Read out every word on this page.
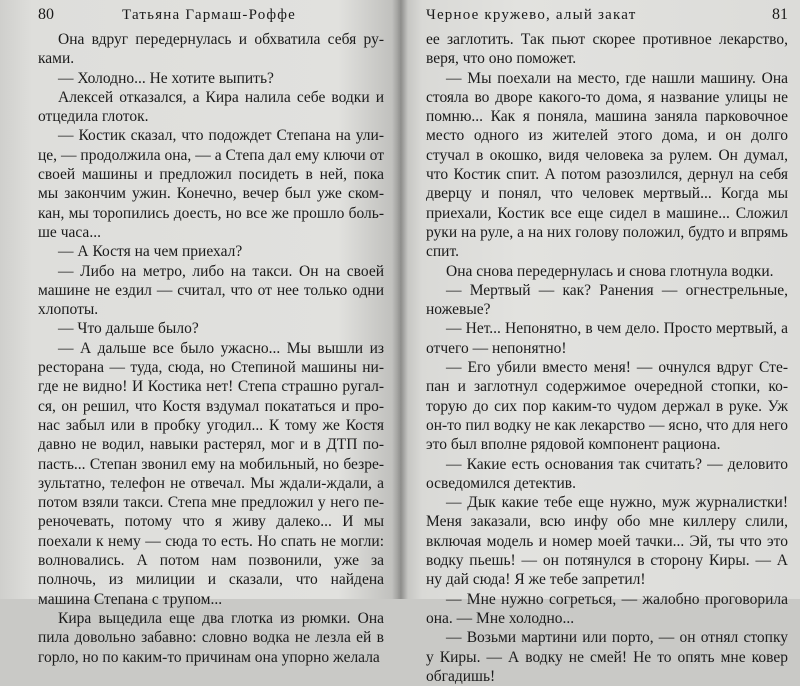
80	Татьяна Гармаш-Роффе

Она вдруг передернулась и обхватила себя руками.

— Холодно... Не хотите выпить?

Алексей отказался, а Кира налила себе водки и отцедила глоток.

— Костик сказал, что подождет Степана на улице, — продолжила она, — а Степа дал ему ключи от своей машины и предложил посидеть в ней, пока мы закончим ужин. Конечно, вечер был уже скомкан, мы торопились доесть, но все же прошло больше часа...

— А Костя на чем приехал?

— Либо на метро, либо на такси. Он на своей машине не ездил — считал, что от нее только одни хлопоты.

— Что дальше было?

— А дальше все было ужасно... Мы вышли из ресторана — туда, сюда, но Степиной машины нигде не видно! И Костика нет! Степа страшно ругался, он решил, что Костя вздумал покататься и пронас забыл или в пробку угодил... К тому же Костя давно не водил, навыки растерял, мог и в ДТП попасть... Степан звонил ему на мобильный, но безрезультатно, телефон не отвечал. Мы ждали-ждали, а потом взяли такси. Степа мне предложил у него переночевать, потому что я живу далеко... И мы поехали к нему — сюда то есть. Но спать не могли: волновались. А потом нам позвонили, уже за полночь, из милиции и сказали, что найдена машина Степана с трупом...

Кира выцедила еще два глотка из рюмки. Она пила довольно забавно: словно водка не лезла ей в горло, но по каким-то причинам она упорно желала

Черное кружево, алый закат	81

ее заглотить. Так пьют скорее противное лекарство, веря, что оно поможет.

— Мы поехали на место, где нашли машину. Она стояла во дворе какого-то дома, я название улицы не помню... Как я поняла, машина заняла парковочное место одного из жителей этого дома, и он долго стучал в окошко, видя человека за рулем. Он думал, что Костик спит. А потом разозлился, дернул на себя дверцу и понял, что человек мертвый... Когда мы приехали, Костик все еще сидел в машине... Сложил руки на руле, а на них голову положил, будто и впрямь спит.

Она снова передернулась и снова глотнула водки.

— Мертвый — как? Ранения — огнестрельные, ножевые?

— Нет... Непонятно, в чем дело. Просто мертвый, а отчего — непонятно!

— Его убили вместо меня! — очнулся вдруг Степан и заглотнул содержимое очередной стопки, которую до сих пор каким-то чудом держал в руке. Уж он-то пил водку не как лекарство — ясно, что для него это был вполне рядовой компонент рациона.

— Какие есть основания так считать? — деловито осведомился детектив.

— Дык какие тебе еще нужно, муж журналистки! Меня заказали, всю инфу обо мне киллеру слили, включая модель и номер моей тачки... Эй, ты что это водку пьешь! — он потянулся в сторону Киры. — А ну дай сюда! Я же тебе запретил!

— Мне нужно согреться, — жалобно проговорила она. — Мне холодно...

— Возьми мартини или порто, — он отнял стопку у Киры. — А водку не смей! Не то опять мне ковер обгадишь!
